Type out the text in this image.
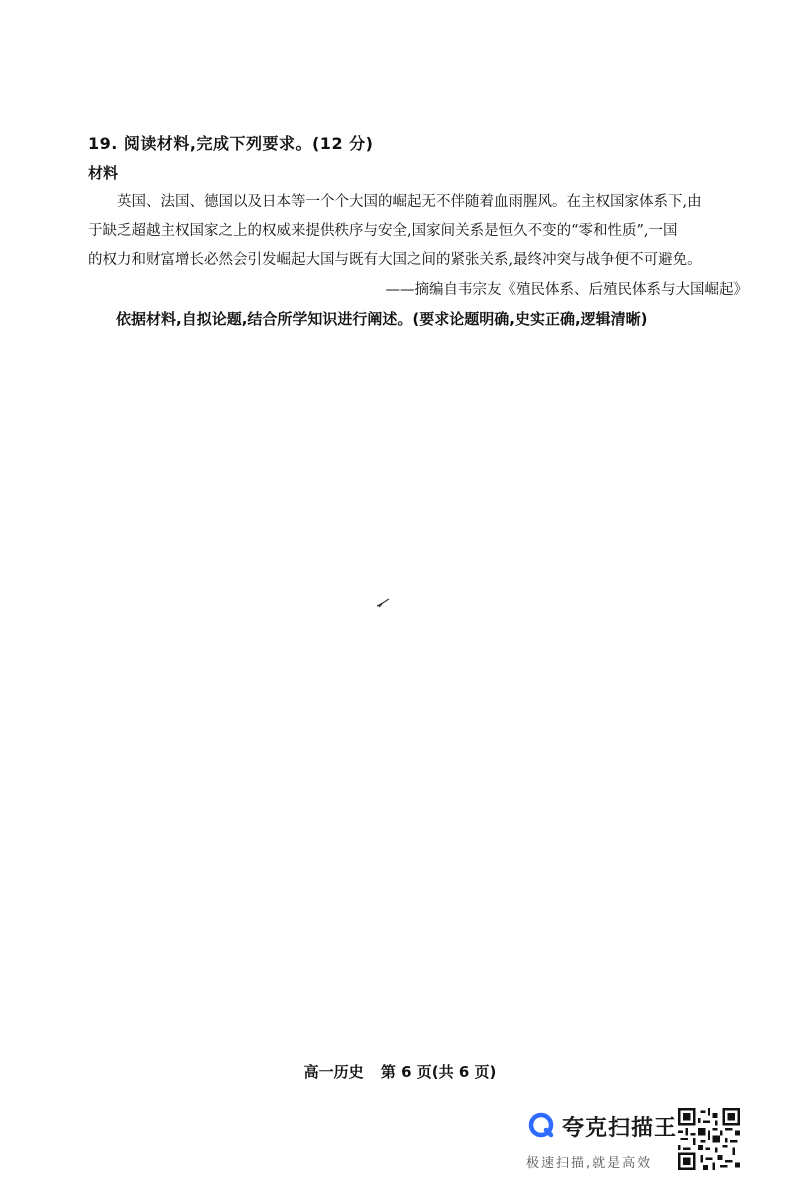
19. 阅读材料,完成下列要求。(12 分)
材料
英国、法国、德国以及日本等一个个大国的崛起无不伴随着血雨腥风。在主权国家体系下,由
于缺乏超越主权国家之上的权威来提供秩序与安全,国家间关系是恒久不变的“零和性质”,一国
的权力和财富增长必然会引发崛起大国与既有大国之间的紧张关系,最终冲突与战争便不可避免。
——摘编自韦宗友《殖民体系、后殖民体系与大国崛起》
依据材料,自拟论题,结合所学知识进行阐述。(要求论题明确,史实正确,逻辑清晰)
高一历史 第 6 页(共 6 页)
夸克扫描王
极速扫描,就是高效
